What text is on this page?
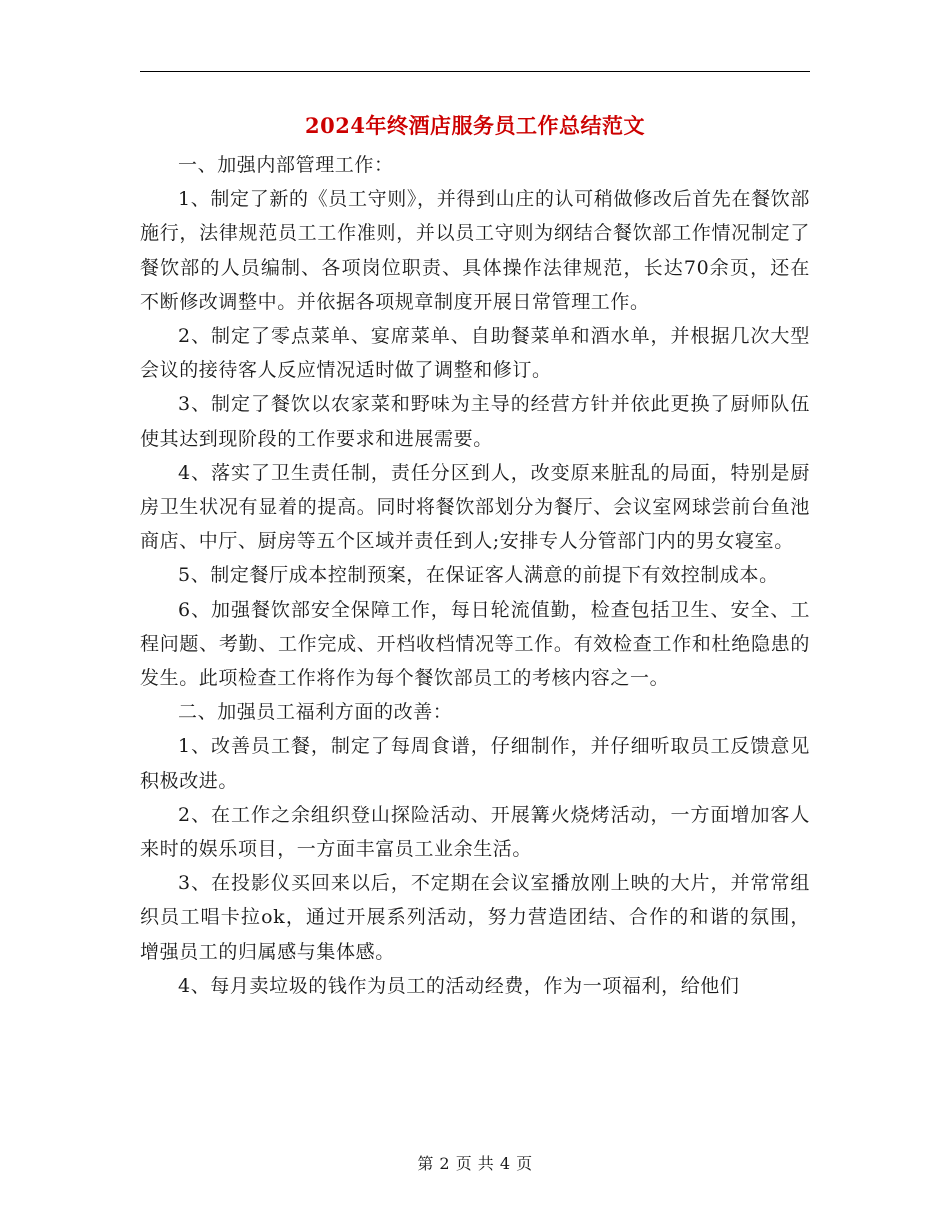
2024年终酒店服务员工作总结范文

一、加强内部管理工作：

1、制定了新的《员工守则》，并得到山庄的认可稍做修改后首先在餐饮部施行，法律规范员工工作准则，并以员工守则为纲结合餐饮部工作情况制定了餐饮部的人员编制、各项岗位职责、具体操作法律规范，长达70余页，还在不断修改调整中。并依据各项规章制度开展日常管理工作。

2、制定了零点菜单、宴席菜单、自助餐菜单和酒水单，并根据几次大型会议的接待客人反应情况适时做了调整和修订。

3、制定了餐饮以农家菜和野味为主导的经营方针并依此更换了厨师队伍使其达到现阶段的工作要求和进展需要。

4、落实了卫生责任制，责任分区到人，改变原来脏乱的局面，特别是厨房卫生状况有显着的提高。同时将餐饮部划分为餐厅、会议室网球尝前台鱼池商店、中厅、厨房等五个区域并责任到人;安排专人分管部门内的男女寝室。

5、制定餐厅成本控制预案，在保证客人满意的前提下有效控制成本。

6、加强餐饮部安全保障工作，每日轮流值勤，检查包括卫生、安全、工程问题、考勤、工作完成、开档收档情况等工作。有效检查工作和杜绝隐患的发生。此项检查工作将作为每个餐饮部员工的考核内容之一。

二、加强员工福利方面的改善：

1、改善员工餐，制定了每周食谱，仔细制作，并仔细听取员工反馈意见积极改进。

2、在工作之余组织登山探险活动、开展篝火烧烤活动，一方面增加客人来时的娱乐项目，一方面丰富员工业余生活。

3、在投影仪买回来以后，不定期在会议室播放刚上映的大片，并常常组织员工唱卡拉ok，通过开展系列活动，努力营造团结、合作的和谐的氛围，增强员工的归属感与集体感。

4、每月卖垃圾的钱作为员工的活动经费，作为一项福利，给他们

第 2 页 共 4 页
